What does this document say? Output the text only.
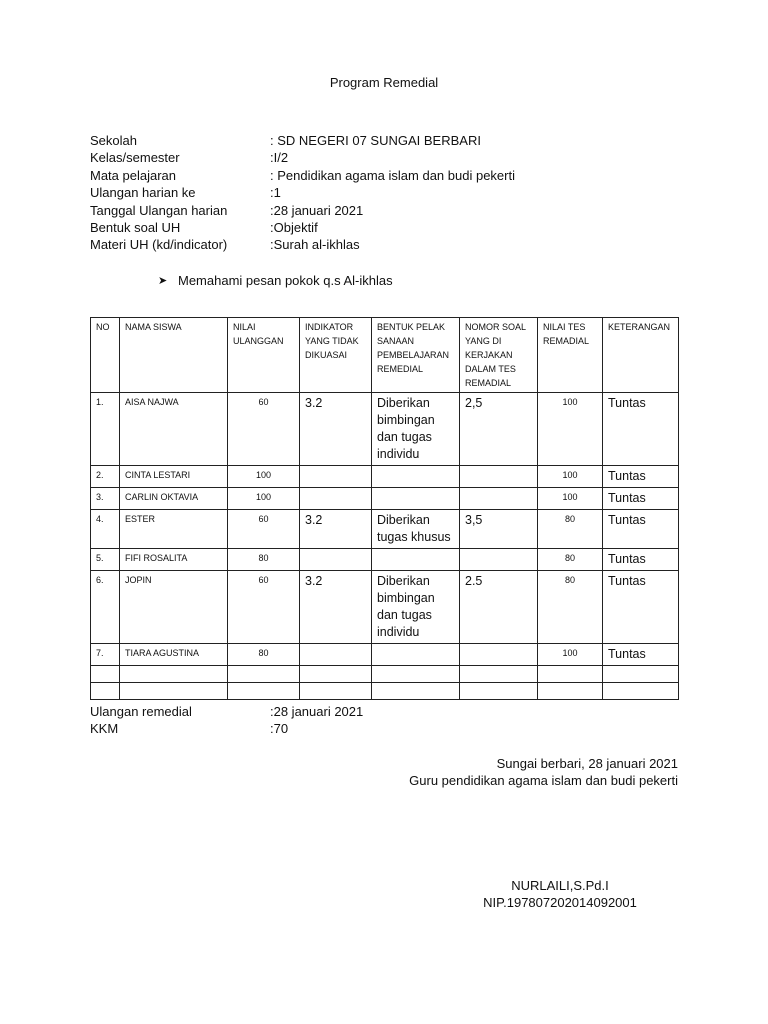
Program Remedial
Sekolah	: SD NEGERI 07 SUNGAI BERBARI
Kelas/semester	:I/2
Mata pelajaran	: Pendidikan agama islam dan budi pekerti
Ulangan harian ke	:1
Tanggal Ulangan harian	:28 januari 2021
Bentuk soal UH	:Objektif
Materi UH (kd/indicator)	:Surah al-ikhlas
➤ Memahami pesan pokok q.s Al-ikhlas
NO	NAMA SISWA	NILAI ULANGGAN	INDIKATOR YANG TIDAK DIKUASAI	BENTUK PELAK SANAAN PEMBELAJARAN REMEDIAL	NOMOR SOAL YANG DI KERJAKAN DALAM TES REMADIAL	NILAI TES REMADIAL	KETERANGAN
1.	AISA NAJWA	60	3.2	Diberikan bimbingan dan tugas individu	2,5	100	Tuntas
2.	CINTA LESTARI	100				100	Tuntas
3.	CARLIN OKTAVIA	100				100	Tuntas
4.	ESTER	60	3.2	Diberikan tugas khusus	3,5	80	Tuntas
5.	FIFI ROSALITA	80				80	Tuntas
6.	JOPIN	60	3.2	Diberikan bimbingan dan tugas individu	2.5	80	Tuntas
7.	TIARA AGUSTINA	80				100	Tuntas

Ulangan remedial	:28 januari 2021
KKM	:70
Sungai berbari, 28 januari 2021
Guru pendidikan agama islam dan budi pekerti
NURLAILI,S.Pd.I
NIP.197807202014092001
